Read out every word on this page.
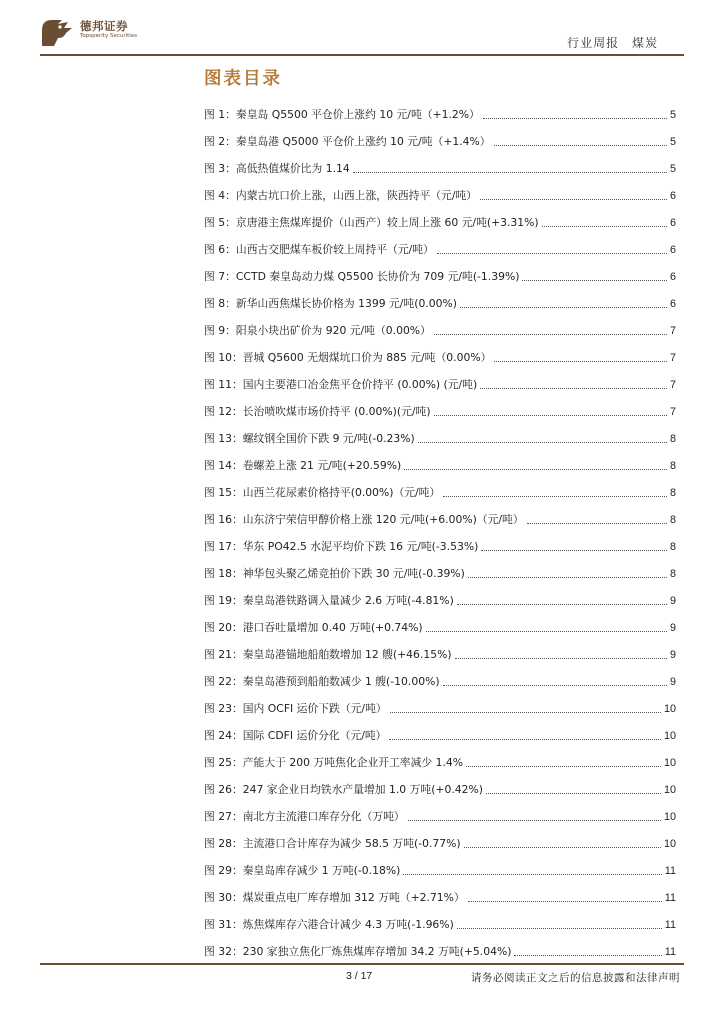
德邦证券
Topsperity Securities	行业周报 煤炭
图表目录
图 1：秦皇岛 Q5500 平仓价上涨约 10 元/吨（+1.2%）	5
图 2：秦皇岛港 Q5000 平仓价上涨约 10 元/吨（+1.4%）	5
图 3：高低热值煤价比为 1.14	5
图 4：内蒙古坑口价上涨，山西上涨，陕西持平（元/吨）	6
图 5：京唐港主焦煤库提价（山西产）较上周上涨 60 元/吨(+3.31%)	6
图 6：山西古交肥煤车板价较上周持平（元/吨）	6
图 7：CCTD 秦皇岛动力煤 Q5500 长协价为 709 元/吨(-1.39%)	6
图 8：新华山西焦煤长协价格为 1399 元/吨(0.00%)	6
图 9：阳泉小块出矿价为 920 元/吨（0.00%）	7
图 10：晋城 Q5600 无烟煤坑口价为 885 元/吨（0.00%）	7
图 11：国内主要港口冶金焦平仓价持平 (0.00%) (元/吨)	7
图 12：长治喷吹煤市场价持平 (0.00%)(元/吨)	7
图 13：螺纹钢全国价下跌 9 元/吨(-0.23%)	8
图 14：卷螺差上涨 21 元/吨(+20.59%)	8
图 15：山西兰花尿素价格持平(0.00%)（元/吨）	8
图 16：山东济宁荣信甲醇价格上涨 120 元/吨(+6.00%)（元/吨）	8
图 17：华东 PO42.5 水泥平均价下跌 16 元/吨(-3.53%)	8
图 18：神华包头聚乙烯竞拍价下跌 30 元/吨(-0.39%)	8
图 19：秦皇岛港铁路调入量减少 2.6 万吨(-4.81%)	9
图 20：港口吞吐量增加 0.40 万吨(+0.74%)	9
图 21：秦皇岛港锚地船舶数增加 12 艘(+46.15%)	9
图 22：秦皇岛港预到船舶数减少 1 艘(-10.00%)	9
图 23：国内 OCFI 运价下跌（元/吨）	10
图 24：国际 CDFI 运价分化（元/吨）	10
图 25：产能大于 200 万吨焦化企业开工率减少 1.4%	10
图 26：247 家企业日均铁水产量增加 1.0 万吨(+0.42%)	10
图 27：南北方主流港口库存分化（万吨）	10
图 28：主流港口合计库存为减少 58.5 万吨(-0.77%)	10
图 29：秦皇岛库存减少 1 万吨(-0.18%)	11
图 30：煤炭重点电厂库存增加 312 万吨（+2.71%）	11
图 31：炼焦煤库存六港合计减少 4.3 万吨(-1.96%)	11
图 32：230 家独立焦化厂炼焦煤库存增加 34.2 万吨(+5.04%)	11
3 / 17	请务必阅读正文之后的信息披露和法律声明
